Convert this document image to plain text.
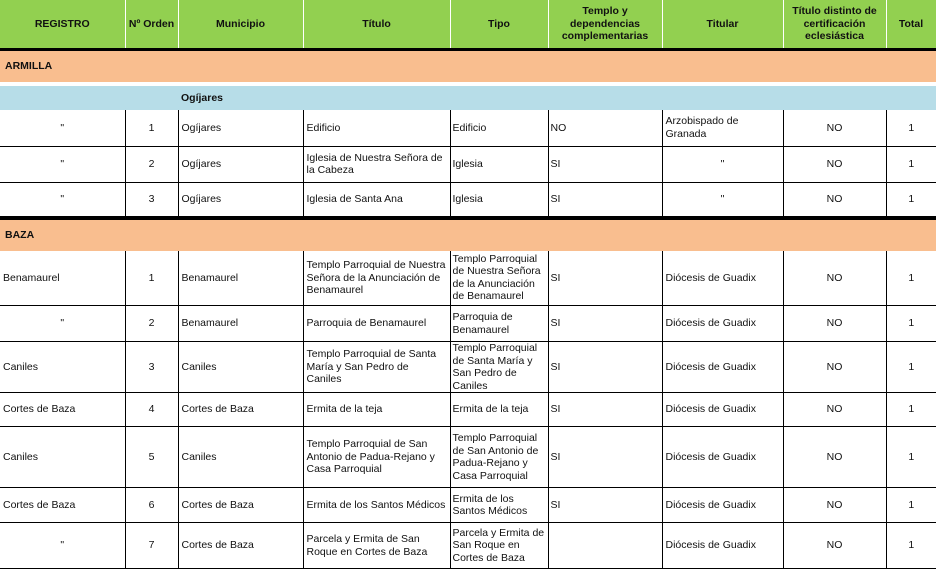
REGISTRO	Nº Orden	Municipio	Título	Tipo	Templo y dependencias complementarias	Titular	Título distinto de certificación eclesiástica	Total

ARMILLA								

		Ogíjares						
"	1	Ogíjares	Edificio	Edificio	NO	Arzobispado de Granada	NO	1
"	2	Ogíjares	Iglesia de Nuestra Señora de la Cabeza	Iglesia	SI	"	NO	1
"	3	Ogíjares	Iglesia de Santa Ana	Iglesia	SI	"	NO	1

BAZA								
Benamaurel	1	Benamaurel	Templo Parroquial de Nuestra Señora de la Anunciación de Benamaurel	Templo Parroquial de Nuestra Señora de la Anunciación de Benamaurel	SI	Diócesis de Guadix	NO	1
"	2	Benamaurel	Parroquia de Benamaurel	Parroquia de Benamaurel	SI	Diócesis de Guadix	NO	1
Caniles	3	Caniles	Templo Parroquial de Santa María y San Pedro de Caniles	Templo Parroquial de Santa María y San Pedro de Caniles	SI	Diócesis de Guadix	NO	1
Cortes de Baza	4	Cortes de Baza	Ermita de la teja	Ermita de la teja	SI	Diócesis de Guadix	NO	1
Caniles	5	Caniles	Templo Parroquial de San Antonio de Padua-Rejano y Casa Parroquial	Templo Parroquial de San Antonio de Padua-Rejano y Casa Parroquial	SI	Diócesis de Guadix	NO	1
Cortes de Baza	6	Cortes de Baza	Ermita de los Santos Médicos	Ermita de los Santos Médicos	SI	Diócesis de Guadix	NO	1
"	7	Cortes de Baza	Parcela y Ermita de San Roque en Cortes de Baza	Parcela y Ermita de San Roque en Cortes de Baza		Diócesis de Guadix	NO	1
